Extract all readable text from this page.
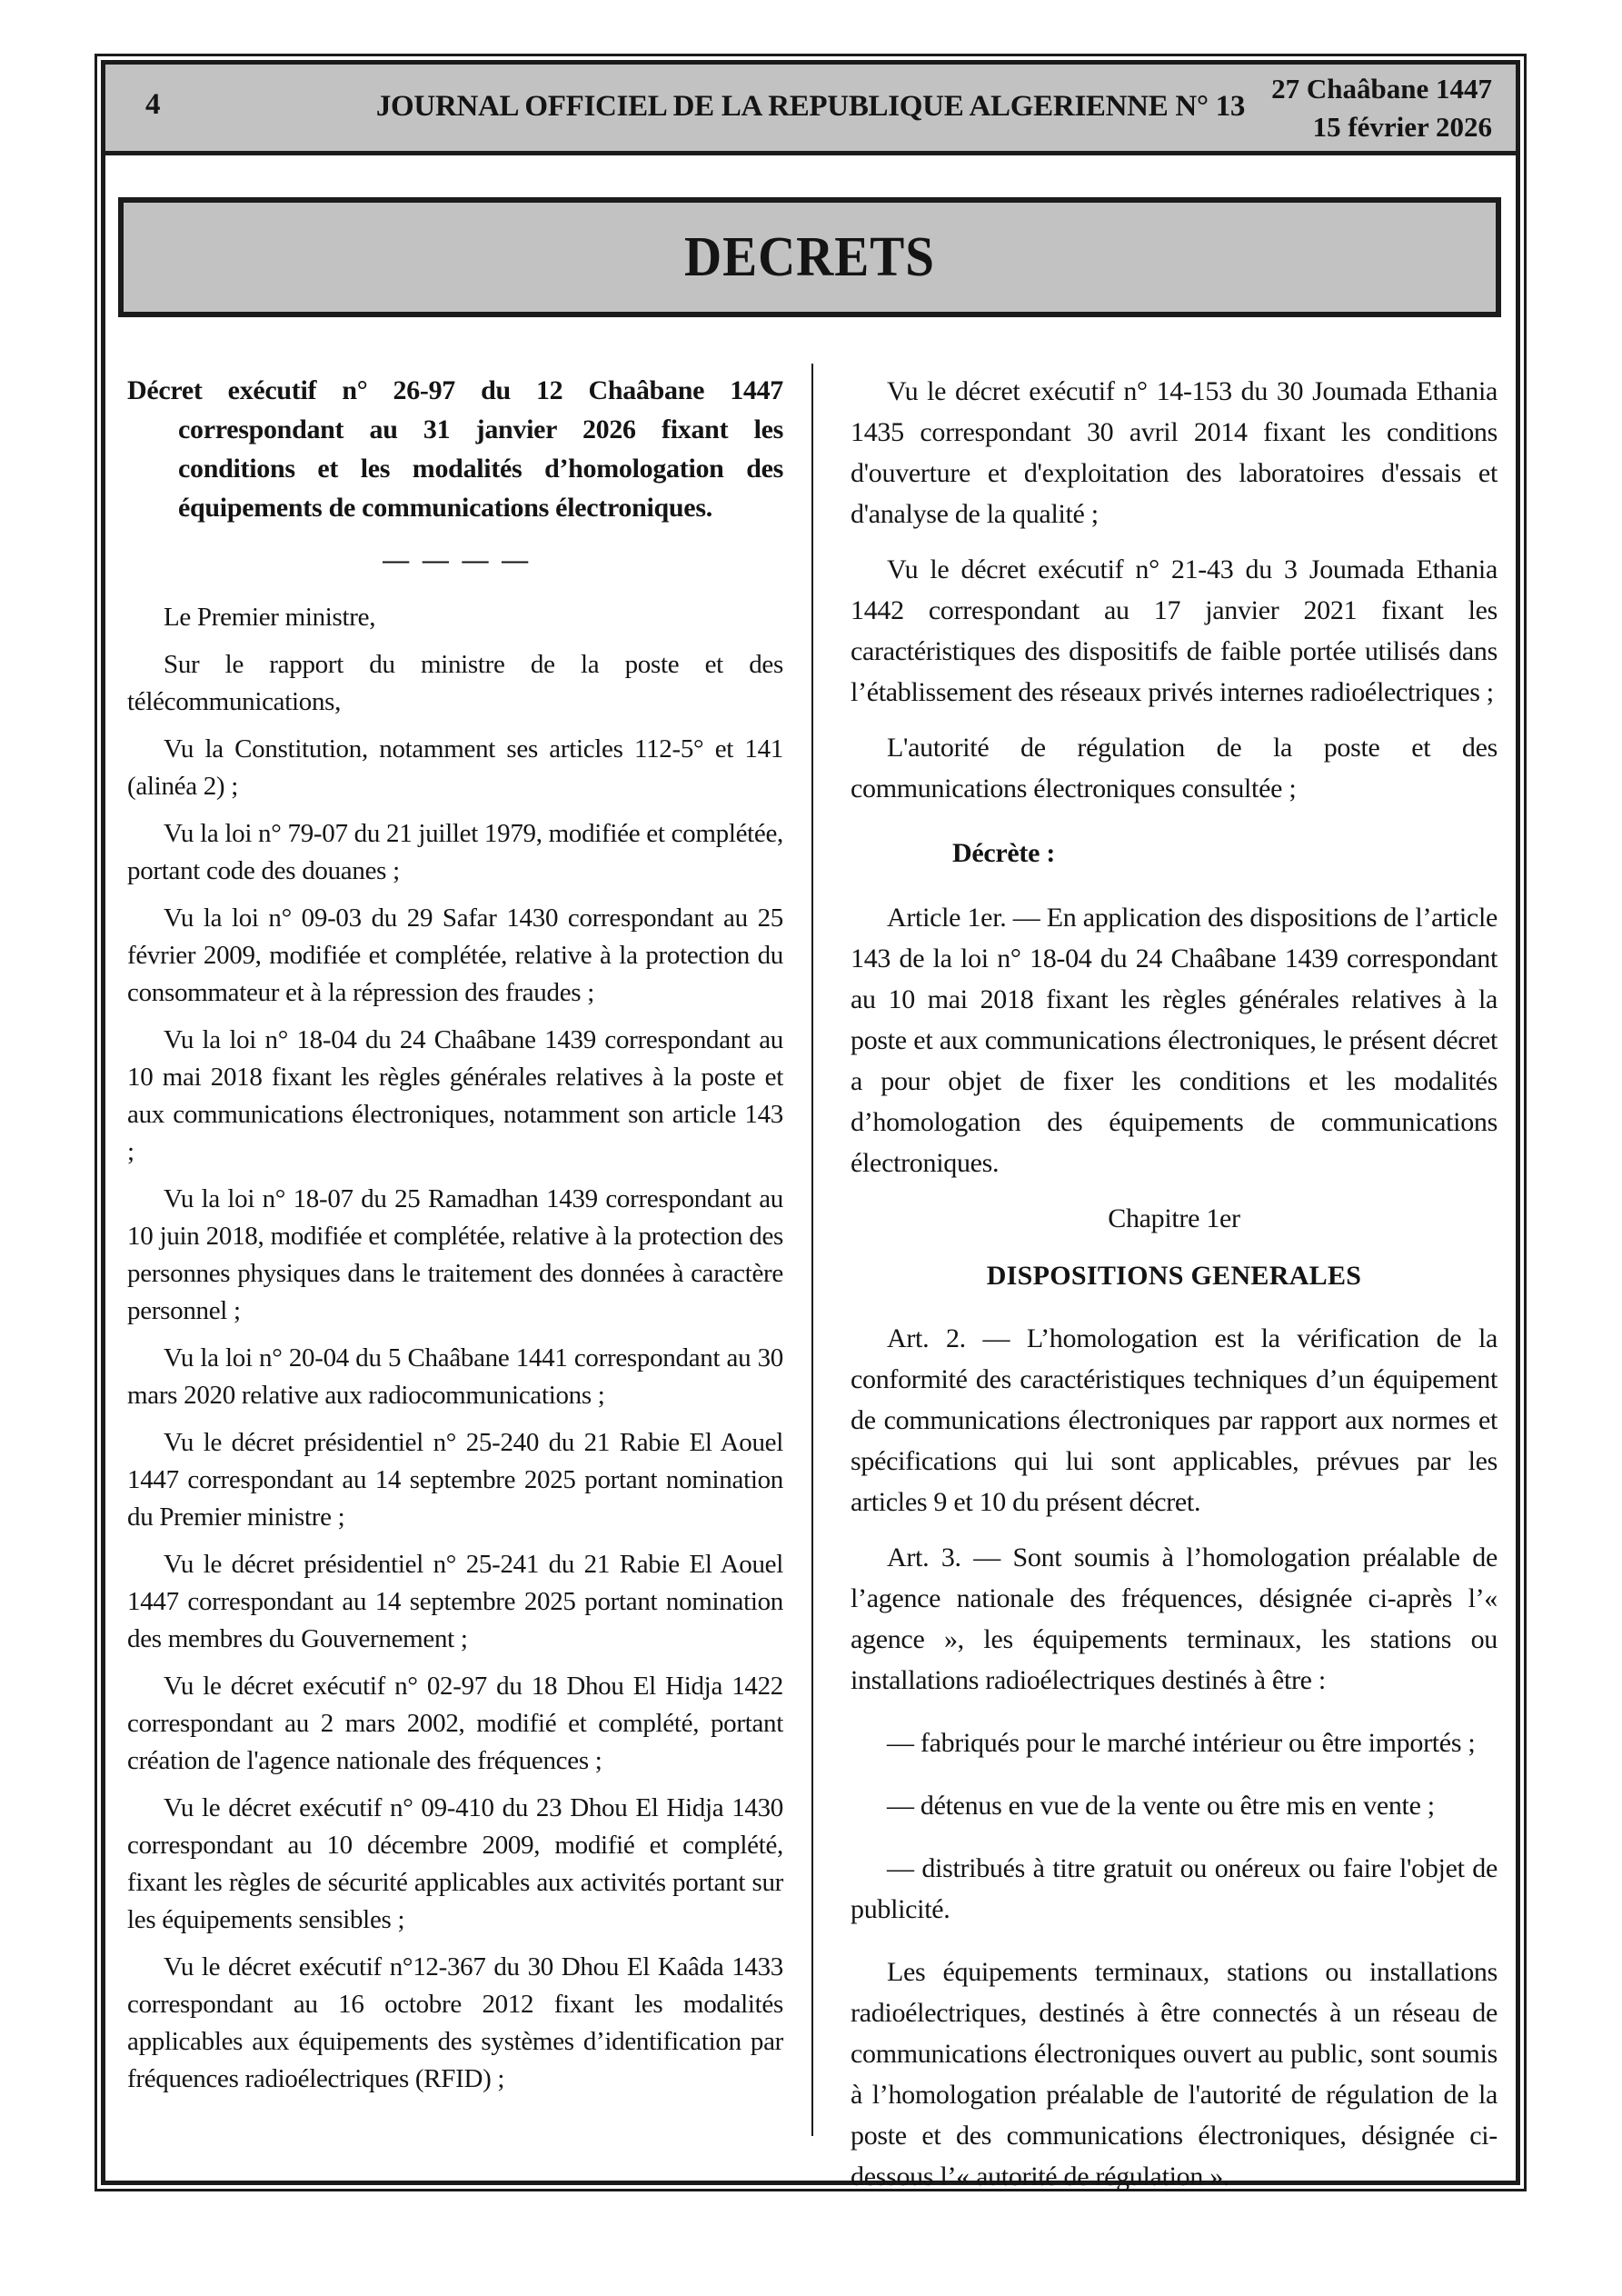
4	JOURNAL OFFICIEL DE LA REPUBLIQUE ALGERIENNE N° 13
27 Chaâbane 1447
15 février 2026
DECRETS

Décret exécutif n° 26-97 du 12 Chaâbane 1447 correspondant au 31 janvier 2026 fixant les conditions et les modalités d’homologation des équipements de communications électroniques.

— — — —

Le Premier ministre,

Sur le rapport du ministre de la poste et des télécommunications,

Vu la Constitution, notamment ses articles 112-5° et 141 (alinéa 2) ;

Vu la loi n° 79-07 du 21 juillet 1979, modifiée et complétée, portant code des douanes ;

Vu la loi n° 09-03 du 29 Safar 1430 correspondant au 25 février 2009, modifiée et complétée, relative à la protection du consommateur et à la répression des fraudes ;

Vu la loi n° 18-04 du 24 Chaâbane 1439 correspondant au 10 mai 2018 fixant les règles générales relatives à la poste et aux communications électroniques, notamment son article 143 ;

Vu la loi n° 18-07 du 25 Ramadhan 1439 correspondant au 10 juin 2018, modifiée et complétée, relative à la protection des personnes physiques dans le traitement des données à caractère personnel ;

Vu la loi n° 20-04 du 5 Chaâbane 1441 correspondant au 30 mars 2020 relative aux radiocommunications ;

Vu le décret présidentiel n° 25-240 du 21 Rabie El Aouel 1447 correspondant au 14 septembre 2025 portant nomination du Premier ministre ;

Vu le décret présidentiel n° 25-241 du 21 Rabie El Aouel 1447 correspondant au 14 septembre 2025 portant nomination des membres du Gouvernement ;

Vu le décret exécutif n° 02-97 du 18 Dhou El Hidja 1422 correspondant au 2 mars 2002, modifié et complété, portant création de l'agence nationale des fréquences ;

Vu le décret exécutif n° 09-410 du 23 Dhou El Hidja 1430 correspondant au 10 décembre 2009, modifié et complété, fixant les règles de sécurité applicables aux activités portant sur les équipements sensibles ;

Vu le décret exécutif n°12-367 du 30 Dhou El Kaâda 1433 correspondant au 16 octobre 2012 fixant les modalités applicables aux équipements des systèmes d’identification par fréquences radioélectriques (RFID) ;

Vu le décret exécutif n° 14-153 du 30 Joumada Ethania 1435 correspondant 30 avril 2014 fixant les conditions d'ouverture et d'exploitation des laboratoires d'essais et d'analyse de la qualité ;

Vu le décret exécutif n° 21-43 du 3 Joumada Ethania 1442 correspondant au 17 janvier 2021 fixant les caractéristiques des dispositifs de faible portée utilisés dans l’établissement des réseaux privés internes radioélectriques ;

L'autorité de régulation de la poste et des communications électroniques consultée ;

Décrète :

Article 1er. — En application des dispositions de l’article 143 de la loi n° 18-04 du 24 Chaâbane 1439 correspondant au 10 mai 2018 fixant les règles générales relatives à la poste et aux communications électroniques, le présent décret a pour objet de fixer les conditions et les modalités d’homologation des équipements de communications électroniques.

Chapitre 1er

DISPOSITIONS GENERALES

Art. 2. — L’homologation est la vérification de la conformité des caractéristiques techniques d’un équipement de communications électroniques par rapport aux normes et spécifications qui lui sont applicables, prévues par les articles 9 et 10 du présent décret.

Art. 3. — Sont soumis à l’homologation préalable de l’agence nationale des fréquences, désignée ci-après l’« agence », les équipements terminaux, les stations ou installations radioélectriques destinés à être :

— fabriqués pour le marché intérieur ou être importés ;

— détenus en vue de la vente ou être mis en vente ;

— distribués à titre gratuit ou onéreux ou faire l'objet de publicité.

Les équipements terminaux, stations ou installations radioélectriques, destinés à être connectés à un réseau de communications électroniques ouvert au public, sont soumis à l’homologation préalable de l'autorité de régulation de la poste et des communications électroniques, désignée ci-dessous l’« autorité de régulation ».
